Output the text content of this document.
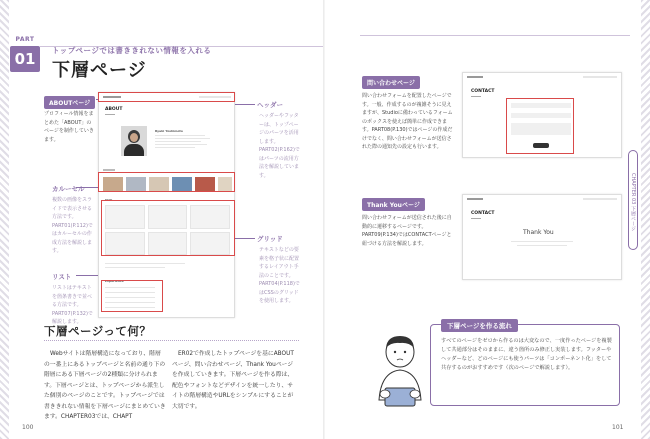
PART
01	トップページでは書ききれない情報を入れる
下層ページ
ABOUTページ
プロフィール情報をまとめた「ABOUT」のページを制作していきます。
ヘッダー
ヘッダーやフッターは、トップページのパーツを活用します。PART02(P.162)ではパーツの流用方法を解説しています。
カルーセル
複数の画像をスライドで表示させる方法です。PART01(P.112)ではカルーセルの作成方法を解説します。
グリッド
テキストなどの要素を格子状に配置するレイアウト手法のことです。PART04(P.118)ではCSSのグリッドを使用します。
リスト
リストはテキストを箇条書きで並べる方法です。PART07(P.132)で解説します。
ABOUT
Ryuki Yoshimoto
Skill
Experience
下層ページって何？
Webサイトは階層構造になっており、階層の一番上にあるトップページと名前の通り下の階層にある下層ページの2種類に分けられます。下層ページとは、トップページから派生した個別のページのことです。トップページでは書ききれない情報を下層ページにまとめていきます。CHAPTER03では、CHAPT
ER02で作成したトップページを基にABOUTページ、問い合わせページ、Thank Youページを作成していきます。下層ページを作る際は、配色やフォントなどデザインを統一したり、サイトの階層構造やURLをシンプルにすることが大切です。
100
問い合わせページ
問い合わせフォームを配置したページです。一般、作成するのが複雑そうに見えますが、Studioに備わっているフォームのボックスを使えば簡単に作成できます。PART08(P.130)ではページの作成だけでなく、問い合わせフォームが送信された際の通知先の設定も行います。
CONTACT
Thank Youページ
問い合わせフォームが送信された後に自動的に遷移するページです。PART09(P.134)ではCONTACTページと紐づける方法を解説します。
CONTACT
Thank You
CHAPTER 03 下層ページ
下層ページを作る流れ
すべてのページをゼロから作るのは大変なので、一度作ったページを複製して共通部分はそのままに、違う箇所のみ修正し実装します。フッターやヘッダーなど、どのページにも使うパーツは「コンポーネント化」をして共存するのがおすすめです（次のページで解説します）。
101
